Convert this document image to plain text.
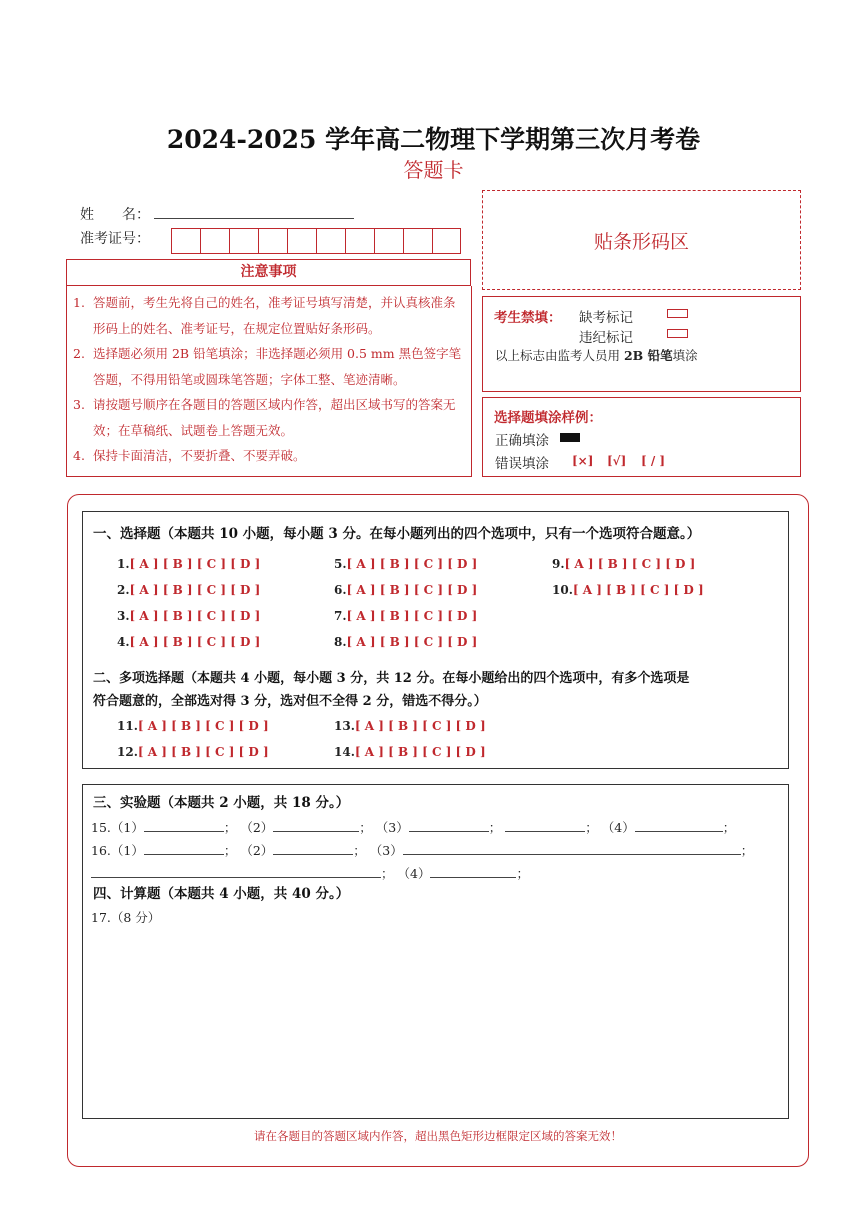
2024-2025 学年高二物理下学期第三次月考卷
答题卡
姓　　名：
准考证号：	贴条形码区
注意事项
1. 答题前，考生先将自己的姓名，准考证号填写清楚，并认真核准条形码上的姓名、准考证号，在规定位置贴好条形码。
2. 选择题必须用 2B 铅笔填涂；非选择题必须用 0.5 mm 黑色签字笔答题，不得用铅笔或圆珠笔答题；字体工整、笔迹清晰。
3. 请按题号顺序在各题目的答题区域内作答，超出区域书写的答案无效；在草稿纸、试题卷上答题无效。
4. 保持卡面清洁，不要折叠、不要弄破。
考生禁填： 缺考标记
违纪标记
以上标志由监考人员用 2B 铅笔填涂
选择题填涂样例：
正确填涂
错误填涂 [×] [√] [ / ]
一、选择题（本题共 10 小题，每小题 3 分。在每小题列出的四个选项中，只有一个选项符合题意。）
1.[ A ] [ B ] [ C ] [ D ]
2.[ A ] [ B ] [ C ] [ D ]
3.[ A ] [ B ] [ C ] [ D ]
4.[ A ] [ B ] [ C ] [ D ]
5.[ A ] [ B ] [ C ] [ D ]
6.[ A ] [ B ] [ C ] [ D ]
7.[ A ] [ B ] [ C ] [ D ]
8.[ A ] [ B ] [ C ] [ D ]
9.[ A ] [ B ] [ C ] [ D ]
10.[ A ] [ B ] [ C ] [ D ]
二、多项选择题（本题共 4 小题，每小题 3 分，共 12 分。在每小题给出的四个选项中，有多个选项是
符合题意的，全部选对得 3 分，选对但不全得 2 分，错选不得分。）
11.[ A ] [ B ] [ C ] [ D ]
12.[ A ] [ B ] [ C ] [ D ]
13.[ A ] [ B ] [ C ] [ D ]
14.[ A ] [ B ] [ C ] [ D ]
三、实验题（本题共 2 小题，共 18 分。）
15.（1）	； （2）	； （3）	；	； （4）	；
16.（1）	； （2）	； （3）	；
； （4）	；
四、计算题（本题共 4 小题，共 40 分。）
17.（8 分）
请在各题目的答题区域内作答，超出黑色矩形边框限定区域的答案无效！
